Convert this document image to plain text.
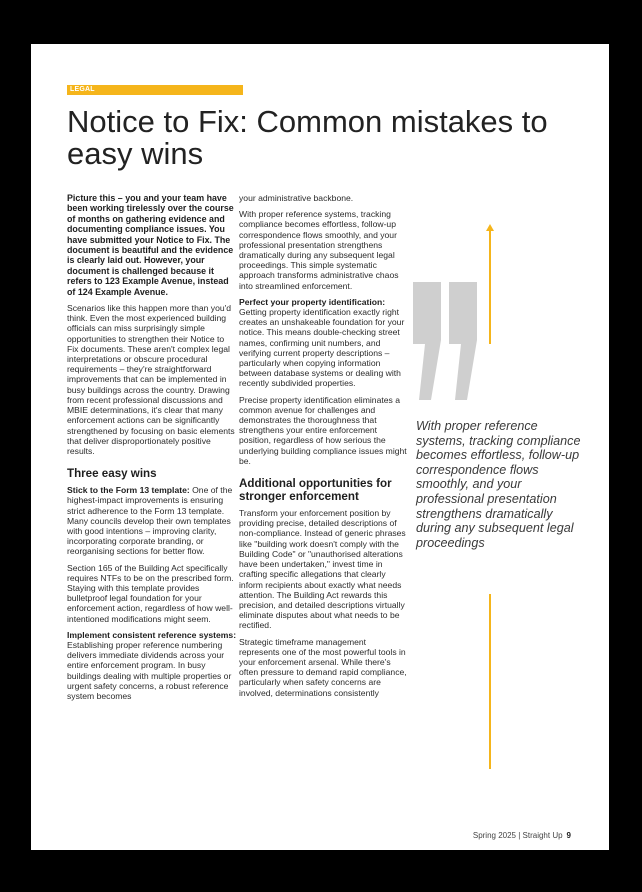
LEGAL
Notice to Fix: Common mistakes to easy wins

Picture this – you and your team have been working tirelessly over the course of months on gathering evidence and documenting compliance issues. You have submitted your Notice to Fix. The document is beautiful and the evidence is clearly laid out. However, your document is challenged because it refers to 123 Example Avenue, instead of 124 Example Avenue.

Scenarios like this happen more than you'd think. Even the most experienced building officials can miss surprisingly simple opportunities to strengthen their Notice to Fix documents. These aren't complex legal interpretations or obscure procedural requirements – they're straightforward improvements that can be implemented in busy buildings across the country. Drawing from recent professional discussions and MBIE determinations, it's clear that many enforcement actions can be significantly strengthened by focusing on basic elements that deliver disproportionately positive results.

Three easy wins

Stick to the Form 13 template: One of the highest-impact improvements is ensuring strict adherence to the Form 13 template. Many councils develop their own templates with good intentions – improving clarity, incorporating corporate branding, or reorganising sections for better flow.

Section 165 of the Building Act specifically requires NTFs to be on the prescribed form. Staying with this template provides bulletproof legal foundation for your enforcement action, regardless of how well-intentioned modifications might seem.

Implement consistent reference systems: Establishing proper reference numbering delivers immediate dividends across your entire enforcement program. In busy buildings dealing with multiple properties or urgent safety concerns, a robust reference system becomes

your administrative backbone.

With proper reference systems, tracking compliance becomes effortless, follow-up correspondence flows smoothly, and your professional presentation strengthens dramatically during any subsequent legal proceedings. This simple systematic approach transforms administrative chaos into streamlined enforcement.

Perfect your property identification: Getting property identification exactly right creates an unshakeable foundation for your notice. This means double-checking street names, confirming unit numbers, and verifying current property descriptions – particularly when copying information between database systems or dealing with recently subdivided properties.

Precise property identification eliminates a common avenue for challenges and demonstrates the thoroughness that strengthens your entire enforcement position, regardless of how serious the underlying building compliance issues might be.

Additional opportunities for stronger enforcement

Transform your enforcement position by providing precise, detailed descriptions of non-compliance. Instead of generic phrases like "building work doesn't comply with the Building Code" or "unauthorised alterations have been undertaken," invest time in crafting specific allegations that clearly inform recipients about exactly what needs attention. The Building Act rewards this precision, and detailed descriptions virtually eliminate disputes about what needs to be rectified.

Strategic timeframe management represents one of the most powerful tools in your enforcement arsenal. While there's often pressure to demand rapid compliance, particularly when safety concerns are involved, determinations consistently

With proper reference systems, tracking compliance becomes effortless, follow-up correspondence flows smoothly, and your professional presentation strengthens dramatically during any subsequent legal proceedings
Spring 2025 | Straight Up 9
